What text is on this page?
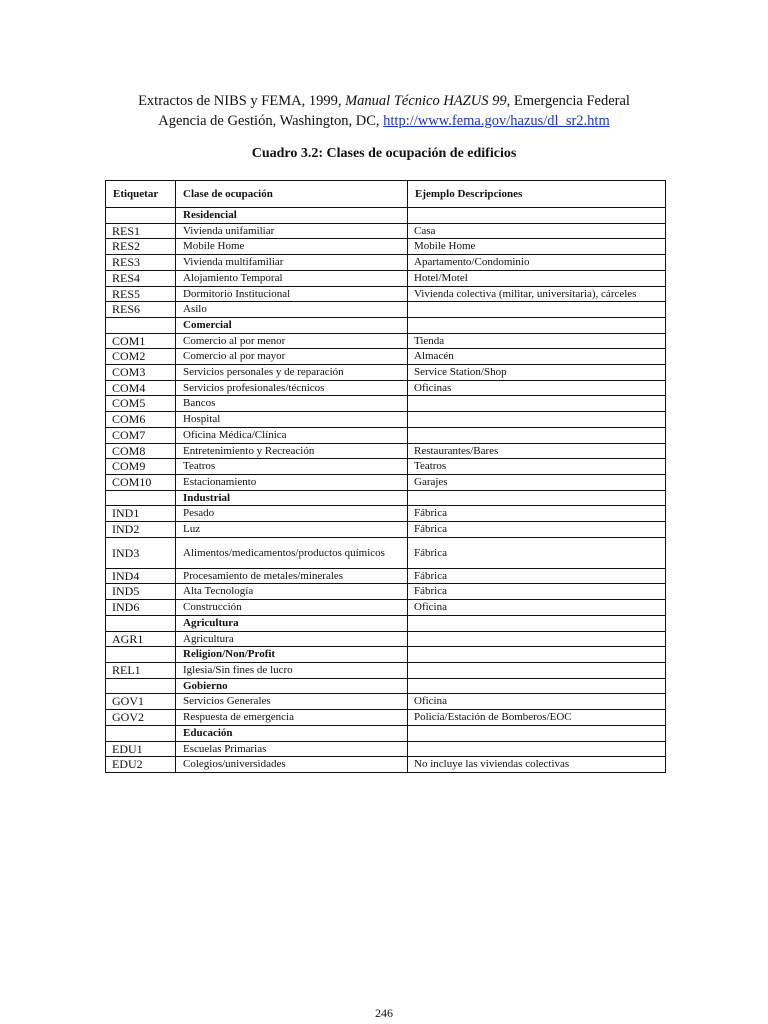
Extractos de NIBS y FEMA, 1999, Manual Técnico HAZUS 99, Emergencia Federal
Agencia de Gestión, Washington, DC, http://www.fema.gov/hazus/dl_sr2.htm
Cuadro 3.2: Clases de ocupación de edificios
Etiquetar	Clase de ocupación	Ejemplo Descripciones
	Residencial	
RES1	Vivienda unifamiliar	Casa
RES2	Mobile Home	Mobile Home
RES3	Vivienda multifamiliar	Apartamento/Condominio
RES4	Alojamiento Temporal	Hotel/Motel
RES5	Dormitorio Institucional	Vivienda colectiva (militar, universitaria), cárceles
RES6	Asilo	
	Comercial	
COM1	Comercio al por menor	Tienda
COM2	Comercio al por mayor	Almacén
COM3	Servicios personales y de reparación	Service Station/Shop
COM4	Servicios profesionales/técnicos	Oficinas
COM5	Bancos	
COM6	Hospital	
COM7	Oficina Médica/Clínica	
COM8	Entretenimiento y Recreación	Restaurantes/Bares
COM9	Teatros	Teatros
COM10	Estacionamiento	Garajes
	Industrial	
IND1	Pesado	Fábrica
IND2	Luz	Fábrica
IND3	Alimentos/medicamentos/productos químicos	Fábrica
IND4	Procesamiento de metales/minerales	Fábrica
IND5	Alta Tecnología	Fábrica
IND6	Construcción	Oficina
	Agricultura	
AGR1	Agricultura	
	Religion/Non/Profit	
REL1	Iglesia/Sin fines de lucro	
	Gobierno	
GOV1	Servicios Generales	Oficina
GOV2	Respuesta de emergencia	Policía/Estación de Bomberos/EOC
	Educación	
EDU1	Escuelas Primarias	
EDU2	Colegios/universidades	No incluye las viviendas colectivas
246
